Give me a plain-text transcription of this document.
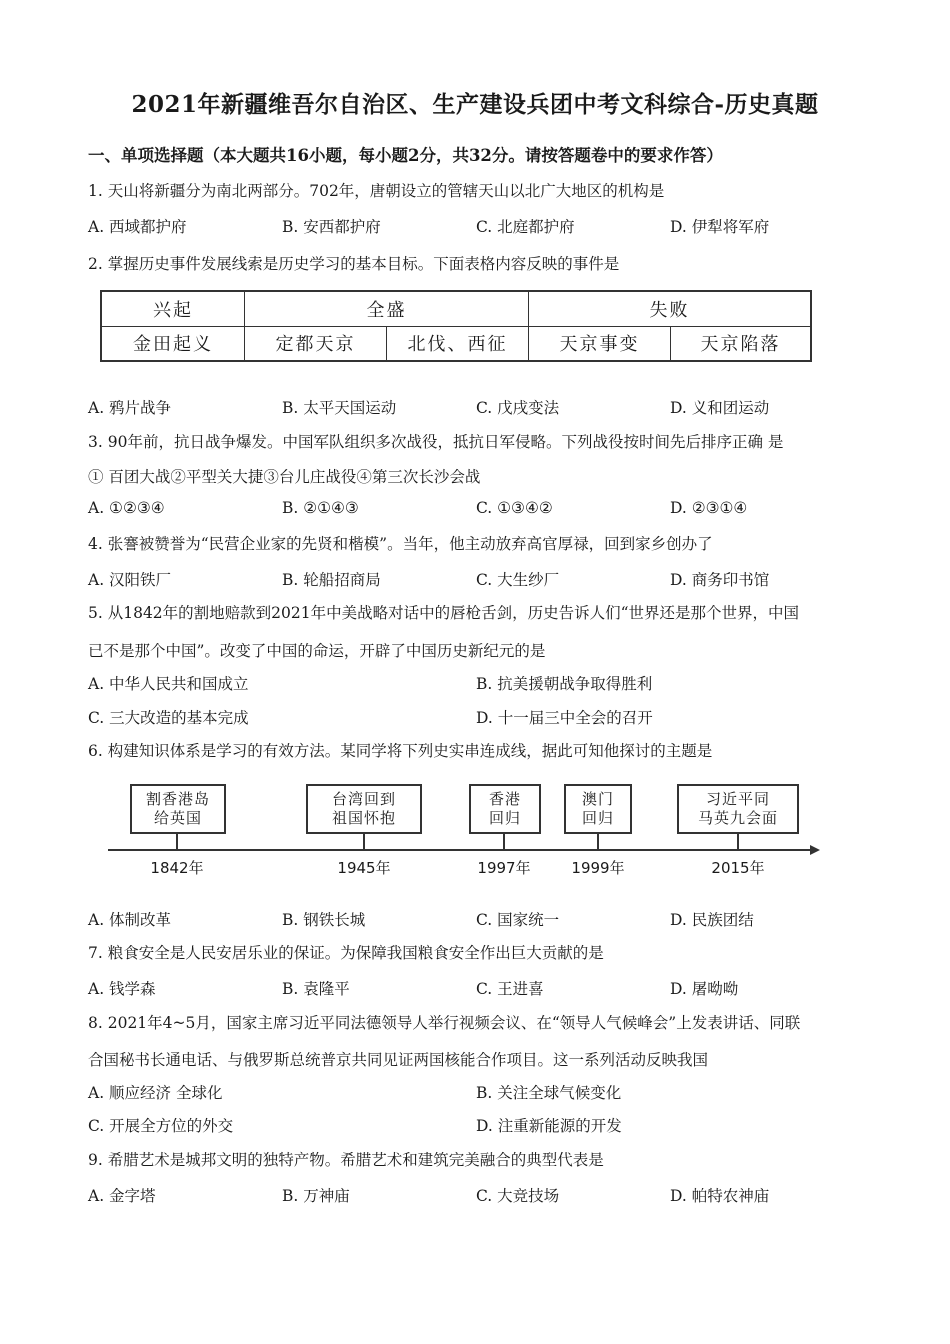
2021年新疆维吾尔自治区、生产建设兵团中考文科综合-历史真题
一、单项选择题（本大题共16小题，每小题2分，共32分。请按答题卷中的要求作答）
1. 天山将新疆分为南北两部分。702年，唐朝设立的管辖天山以北广大地区的机构是
A. 西域都护府	B. 安西都护府	C. 北庭都护府	D. 伊犁将军府
2. 掌握历史事件发展线索是历史学习的基本目标。下面表格内容反映的事件是
兴起	全盛		失败	
金田起义	定都天京	北伐、西征	天京事变	天京陷落
A. 鸦片战争	B. 太平天国运动	C. 戊戌变法	D. 义和团运动
3. 90年前，抗日战争爆发。中国军队组织多次战役，抵抗日军侵略。下列战役按时间先后排序正确 是
① 百团大战②平型关大捷③台儿庄战役④第三次长沙会战
A. ①②③④	B. ②①④③	C. ①③④②	D. ②③①④
4. 张謇被赞誉为“民营企业家的先贤和楷模”。当年，他主动放弃高官厚禄，回到家乡创办了
A. 汉阳铁厂	B. 轮船招商局	C. 大生纱厂	D. 商务印书馆
5. 从1842年的割地赔款到2021年中美战略对话中的唇枪舌剑，历史告诉人们“世界还是那个世界，中国
已不是那个中国”。改变了中国的命运，开辟了中国历史新纪元的是
A. 中华人民共和国成立	B. 抗美援朝战争取得胜利
C. 三大改造的基本完成	D. 十一届三中全会的召开
6. 构建知识体系是学习的有效方法。某同学将下列史实串连成线，据此可知他探讨的主题是
割香港岛
给英国
台湾回到
祖国怀抱
香港
回归
澳门
回归
习近平同
马英九会面
1842年	1945年	1997年	1999年	2015年
A. 体制改革	B. 钢铁长城	C. 国家统一	D. 民族团结
7. 粮食安全是人民安居乐业的保证。为保障我国粮食安全作出巨大贡献的是
A. 钱学森	B. 袁隆平	C. 王进喜	D. 屠呦呦
8. 2021年4~5月，国家主席习近平同法德领导人举行视频会议、在“领导人气候峰会”上发表讲话、同联
合国秘书长通电话、与俄罗斯总统普京共同见证两国核能合作项目。这一系列活动反映我国
A. 顺应经济 全球化	B. 关注全球气候变化
C. 开展全方位的外交	D. 注重新能源的开发
9. 希腊艺术是城邦文明的独特产物。希腊艺术和建筑完美融合的典型代表是
A. 金字塔	B. 万神庙	C. 大竞技场	D. 帕特农神庙
